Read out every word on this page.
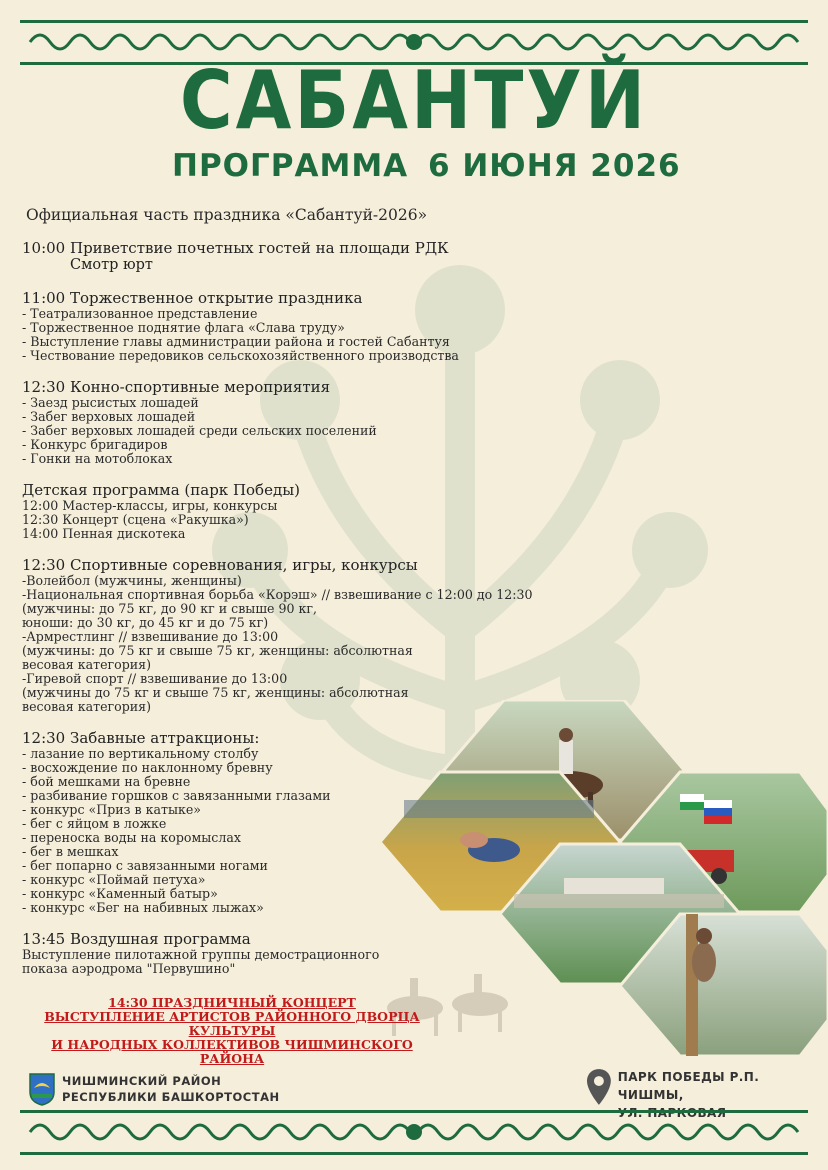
САБАНТУЙ
ПРОГРАММА 6 ИЮНЯ 2026
Официальная часть праздника «Сабантуй-2026»
10:00 Приветствие почетных гостей на площади РДК
Смотр юрт
11:00 Торжественное открытие праздника
- Театрализованное представление
- Торжественное поднятие флага «Слава труду»
- Выступление главы администрации района и гостей Сабантуя
- Чествование передовиков сельскохозяйственного производства
12:30 Конно-спортивные мероприятия
- Заезд рысистых лошадей
- Забег верховых лошадей
- Забег верховых лошадей среди сельских поселений
- Конкурс бригадиров
- Гонки на мотоблоках
Детская программа (парк Победы)
12:00 Мастер-классы, игры, конкурсы
12:30 Концерт (сцена «Ракушка»)
14:00 Пенная дискотека
12:30 Спортивные соревнования, игры, конкурсы
-Волейбол (мужчины, женщины)
-Национальная спортивная борьба «Корэш» // взвешивание с 12:00 до 12:30
(мужчины: до 75 кг, до 90 кг и свыше 90 кг,
юноши: до 30 кг, до 45 кг и до 75 кг)
-Армрестлинг // взвешивание до 13:00
(мужчины: до 75 кг и свыше 75 кг, женщины: абсолютная
весовая категория)
-Гиревой спорт // взвешивание до 13:00
(мужчины до 75 кг и свыше 75 кг, женщины: абсолютная
весовая категория)
12:30 Забавные аттракционы:
- лазание по вертикальному столбу
- восхождение по наклонному бревну
- бой мешками на бревне
- разбивание горшков с завязанными глазами
- конкурс «Приз в катыке»
- бег с яйцом в ложке
- переноска воды на коромыслах
- бег в мешках
- бег попарно с завязанными ногами
- конкурс «Поймай петуха»
- конкурс «Каменный батыр»
- конкурс «Бег на набивных лыжах»
13:45 Воздушная программа
Выступление пилотажной группы демострационного
показа аэродрома "Первушино"
14:30 ПРАЗДНИЧНЫЙ КОНЦЕРТ
ВЫСТУПЛЕНИЕ АРТИСТОВ РАЙОННОГО ДВОРЦА КУЛЬТУРЫ
И НАРОДНЫХ КОЛЛЕКТИВОВ ЧИШМИНСКОГО РАЙОНА
ЧИШМИНСКИЙ РАЙОН
РЕСПУБЛИКИ БАШКОРТОСТАН
ПАРК ПОБЕДЫ Р.П. ЧИШМЫ,
